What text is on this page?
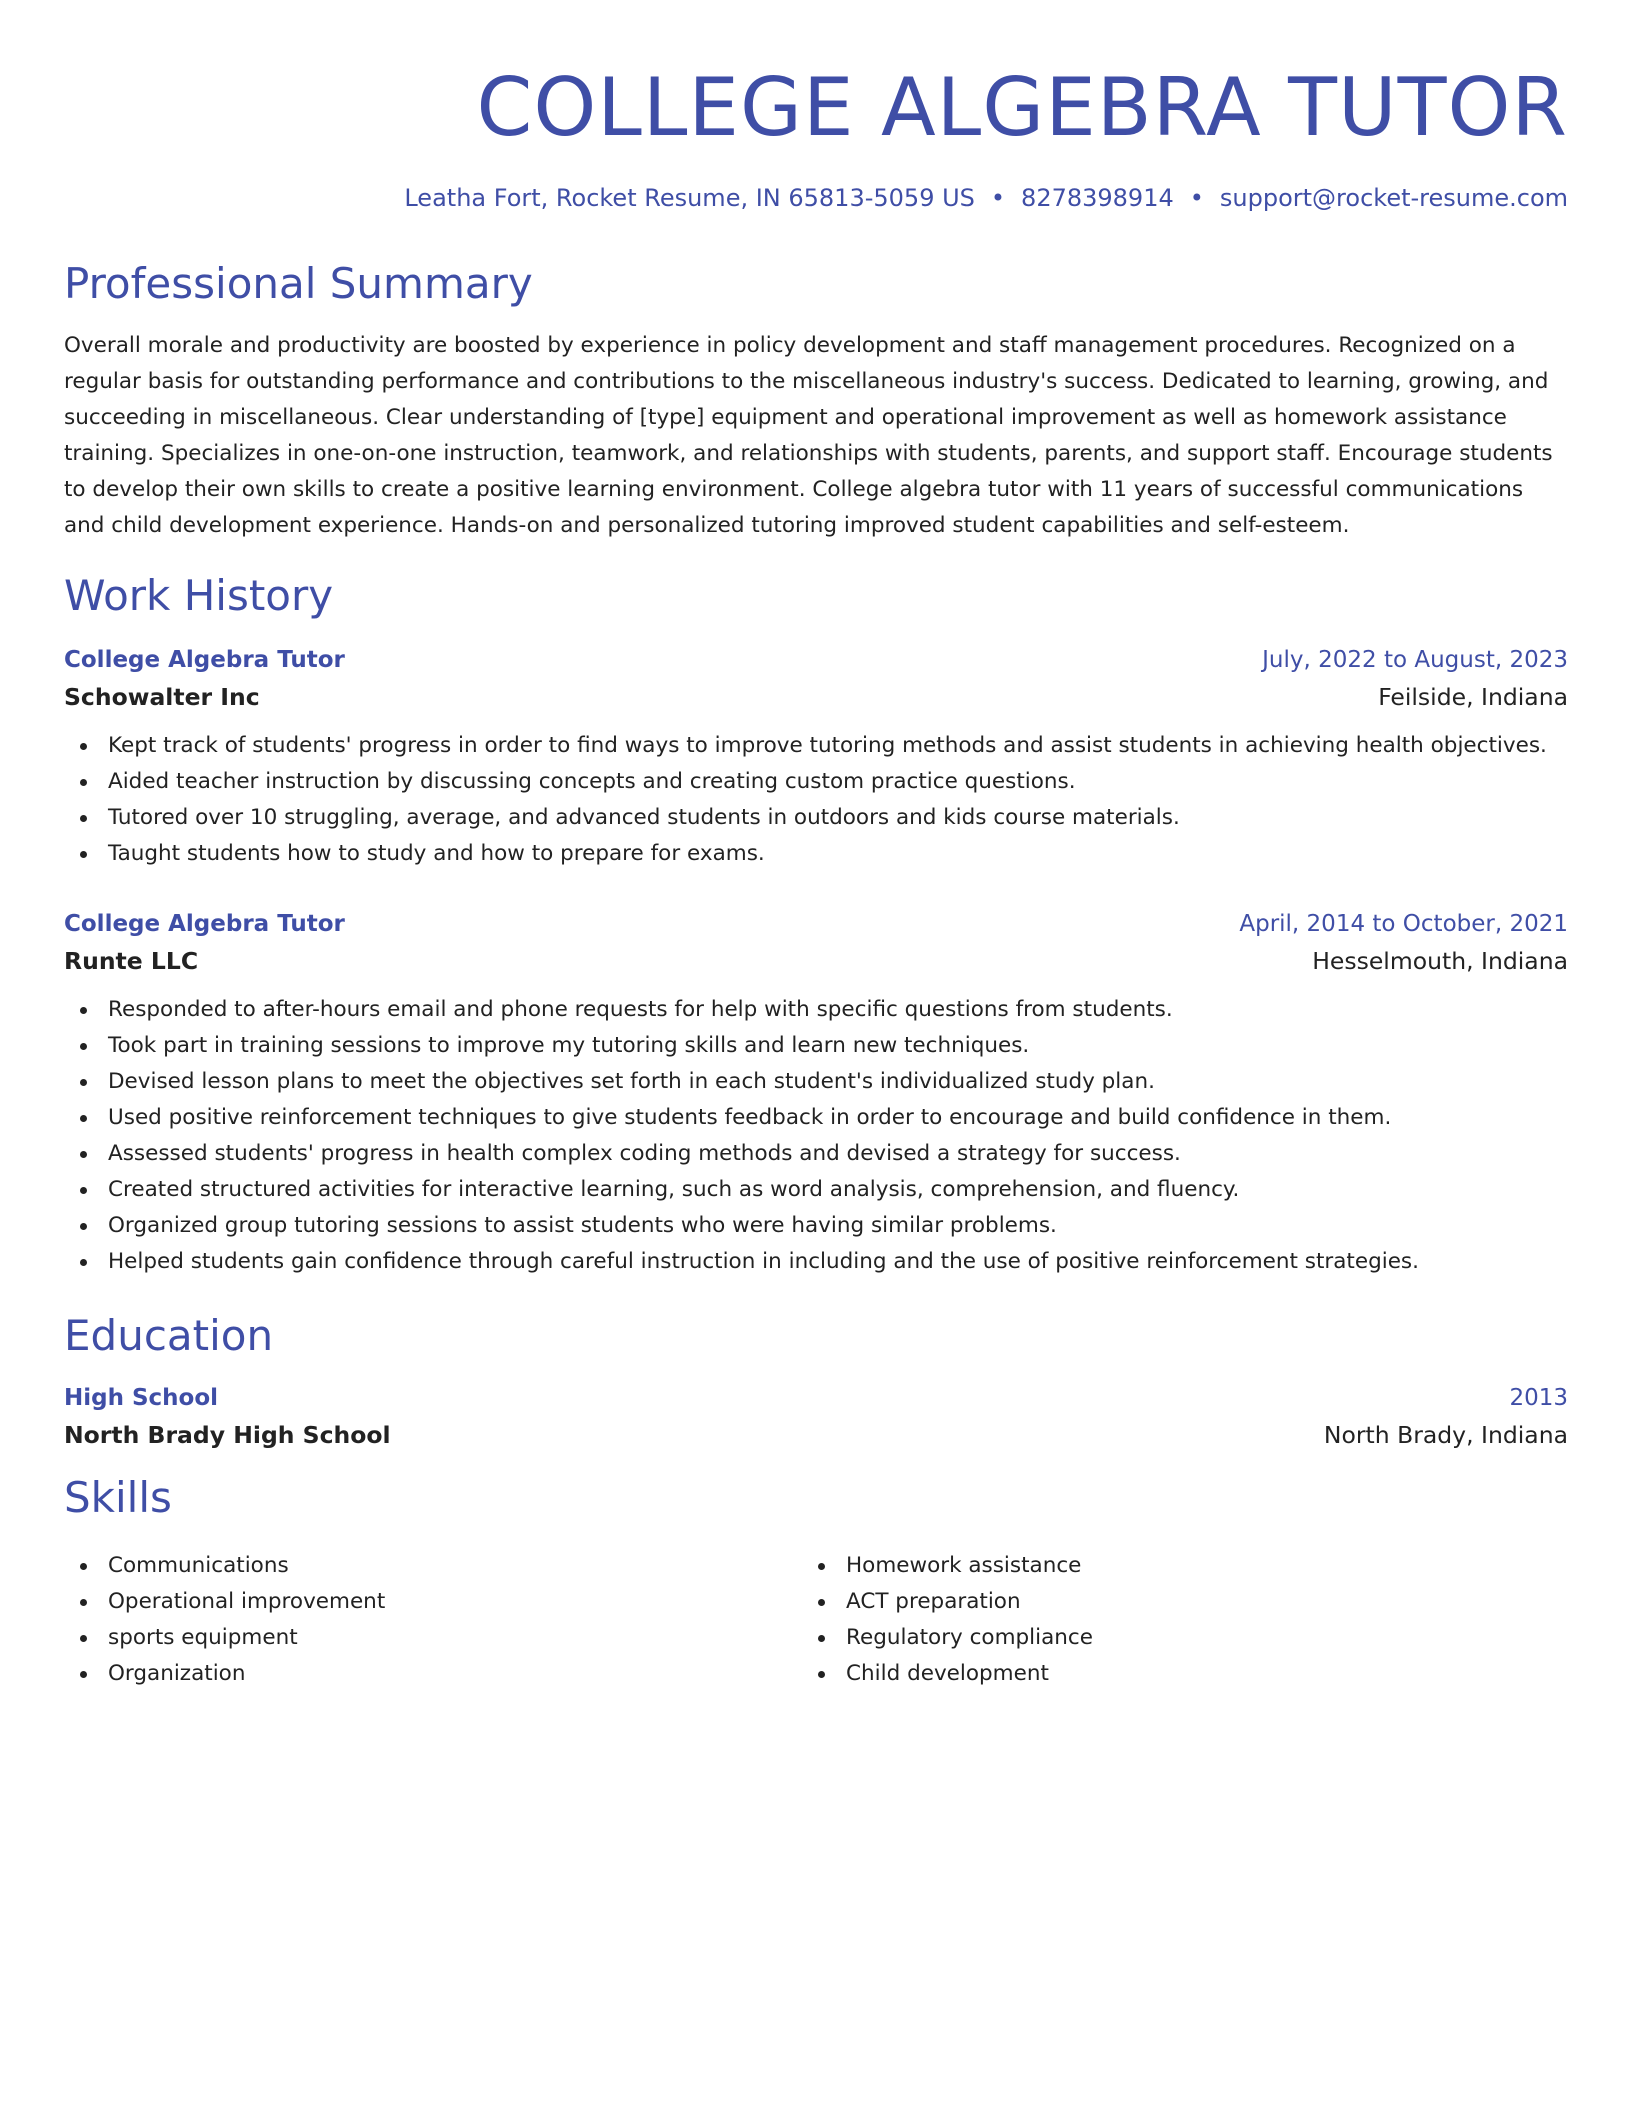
COLLEGE ALGEBRA TUTOR
Leatha Fort, Rocket Resume, IN 65813-5059 US • 8278398914 • support@rocket-resume.com
Professional Summary
Overall morale and productivity are boosted by experience in policy development and staff management procedures. Recognized on a regular basis for outstanding performance and contributions to the miscellaneous industry's success. Dedicated to learning, growing, and succeeding in miscellaneous. Clear understanding of [type] equipment and operational improvement as well as homework assistance training. Specializes in one-on-one instruction, teamwork, and relationships with students, parents, and support staff. Encourage students to develop their own skills to create a positive learning environment. College algebra tutor with 11 years of successful communications and child development experience. Hands-on and personalized tutoring improved student capabilities and self-esteem.
Work History
College Algebra Tutor	July, 2022 to August, 2023
Schowalter Inc	Feilside, Indiana
Kept track of students' progress in order to find ways to improve tutoring methods and assist students in achieving health objectives.
Aided teacher instruction by discussing concepts and creating custom practice questions.
Tutored over 10 struggling, average, and advanced students in outdoors and kids course materials.
Taught students how to study and how to prepare for exams.
College Algebra Tutor	April, 2014 to October, 2021
Runte LLC	Hesselmouth, Indiana
Responded to after-hours email and phone requests for help with specific questions from students.
Took part in training sessions to improve my tutoring skills and learn new techniques.
Devised lesson plans to meet the objectives set forth in each student's individualized study plan.
Used positive reinforcement techniques to give students feedback in order to encourage and build confidence in them.
Assessed students' progress in health complex coding methods and devised a strategy for success.
Created structured activities for interactive learning, such as word analysis, comprehension, and fluency.
Organized group tutoring sessions to assist students who were having similar problems.
Helped students gain confidence through careful instruction in including and the use of positive reinforcement strategies.
Education
High School	2013
North Brady High School	North Brady, Indiana
Skills
Communications
Operational improvement
sports equipment
Organization
Homework assistance
ACT preparation
Regulatory compliance
Child development
